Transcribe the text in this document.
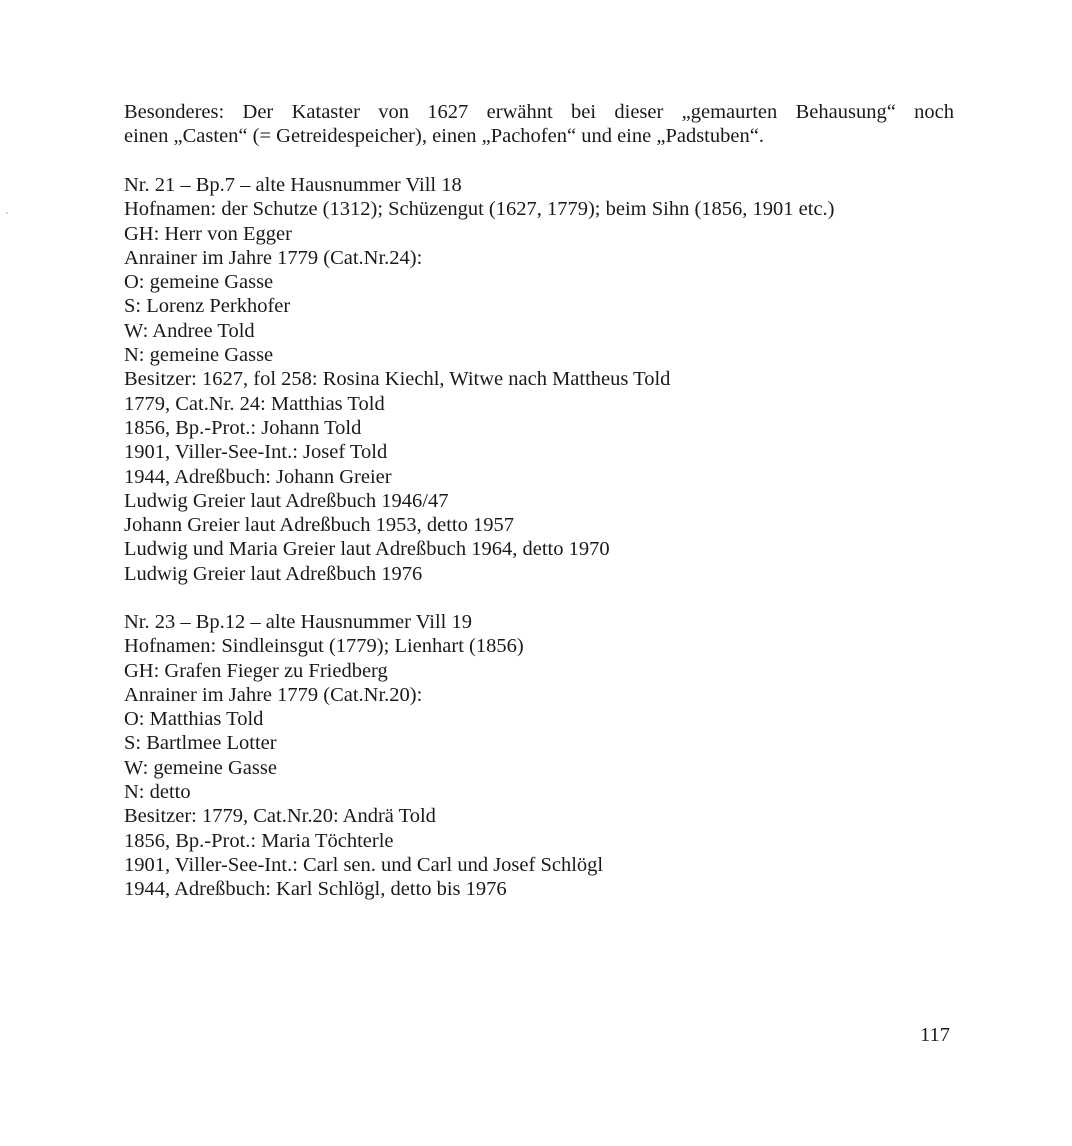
Besonderes: Der Kataster von 1627 erwähnt bei dieser „gemaurten Behausung“ noch
einen „Casten“ (= Getreidespeicher), einen „Pachofen“ und eine „Padstuben“.
Nr. 21 – Bp.7 – alte Hausnummer Vill 18
Hofnamen: der Schutze (1312); Schüzengut (1627, 1779); beim Sihn (1856, 1901 etc.)
GH: Herr von Egger
Anrainer im Jahre 1779 (Cat.Nr.24):
O: gemeine Gasse
S: Lorenz Perkhofer
W: Andree Told
N: gemeine Gasse
Besitzer: 1627, fol 258: Rosina Kiechl, Witwe nach Mattheus Told
1779, Cat.Nr. 24: Matthias Told
1856, Bp.-Prot.: Johann Told
1901, Viller-See-Int.: Josef Told
1944, Adreßbuch: Johann Greier
Ludwig Greier laut Adreßbuch 1946/47
Johann Greier laut Adreßbuch 1953, detto 1957
Ludwig und Maria Greier laut Adreßbuch 1964, detto 1970
Ludwig Greier laut Adreßbuch 1976
Nr. 23 – Bp.12 – alte Hausnummer Vill 19
Hofnamen: Sindleinsgut (1779); Lienhart (1856)
GH: Grafen Fieger zu Friedberg
Anrainer im Jahre 1779 (Cat.Nr.20):
O: Matthias Told
S: Bartlmee Lotter
W: gemeine Gasse
N: detto
Besitzer: 1779, Cat.Nr.20: Andrä Told
1856, Bp.-Prot.: Maria Töchterle
1901, Viller-See-Int.: Carl sen. und Carl und Josef Schlögl
1944, Adreßbuch: Karl Schlögl, detto bis 1976
117
